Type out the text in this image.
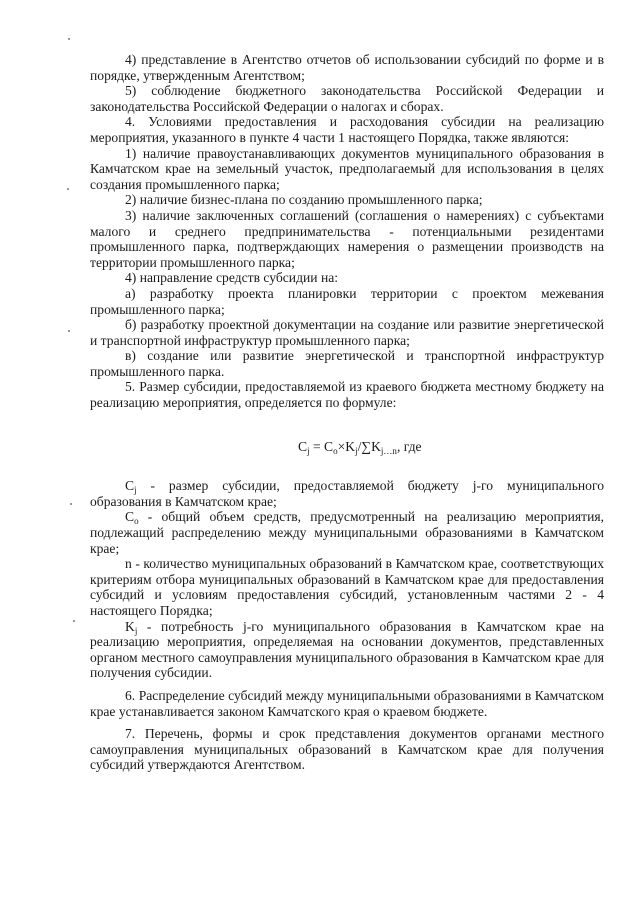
4) представление в Агентство отчетов об использовании субсидий по форме и в порядке, утвержденным Агентством;

5) соблюдение бюджетного законодательства Российской Федерации и законодательства Российской Федерации о налогах и сборах.

4. Условиями предоставления и расходования субсидии на реализацию мероприятия, указанного в пункте 4 части 1 настоящего Порядка, также являются:

1) наличие правоустанавливающих документов муниципального образования в Камчатском крае на земельный участок, предполагаемый для использования в целях создания промышленного парка;

2) наличие бизнес-плана по созданию промышленного парка;

3) наличие заключенных соглашений (соглашения о намерениях) с субъектами малого и среднего предпринимательства - потенциальными резидентами промышленного парка, подтверждающих намерения о размещении производств на территории промышленного парка;

4) направление средств субсидии на:

а) разработку проекта планировки территории с проектом межевания промышленного парка;

б) разработку проектной документации на создание или развитие энергетической и транспортной инфраструктур промышленного парка;

в) создание или развитие энергетической и транспортной инфраструктур промышленного парка.

5. Размер субсидии, предоставляемой из краевого бюджета местному бюджету на реализацию мероприятия, определяется по формуле:

$C_j = C_o\times K_j/\sum K_{j\dots n}$, где

$C_j$ - размер субсидии, предоставляемой бюджету j-го муниципального образования в Камчатском крае;

$C_o$ - общий объем средств, предусмотренный на реализацию мероприятия, подлежащий распределению между муниципальными образованиями в Камчатском крае;

n - количество муниципальных образований в Камчатском крае, соответствующих критериям отбора муниципальных образований в Камчатском крае для предоставления субсидий и условиям предоставления субсидий, установленным частями 2 - 4 настоящего Порядка;

$K_j$ - потребность j-го муниципального образования в Камчатском крае на реализацию мероприятия, определяемая на основании документов, представленных органом местного самоуправления муниципального образования в Камчатском крае для получения субсидии.

6. Распределение субсидий между муниципальными образованиями в Камчатском крае устанавливается законом Камчатского края о краевом бюджете.

7. Перечень, формы и срок представления документов органами местного самоуправления муниципальных образований в Камчатском крае для получения субсидий утверждаются Агентством.
